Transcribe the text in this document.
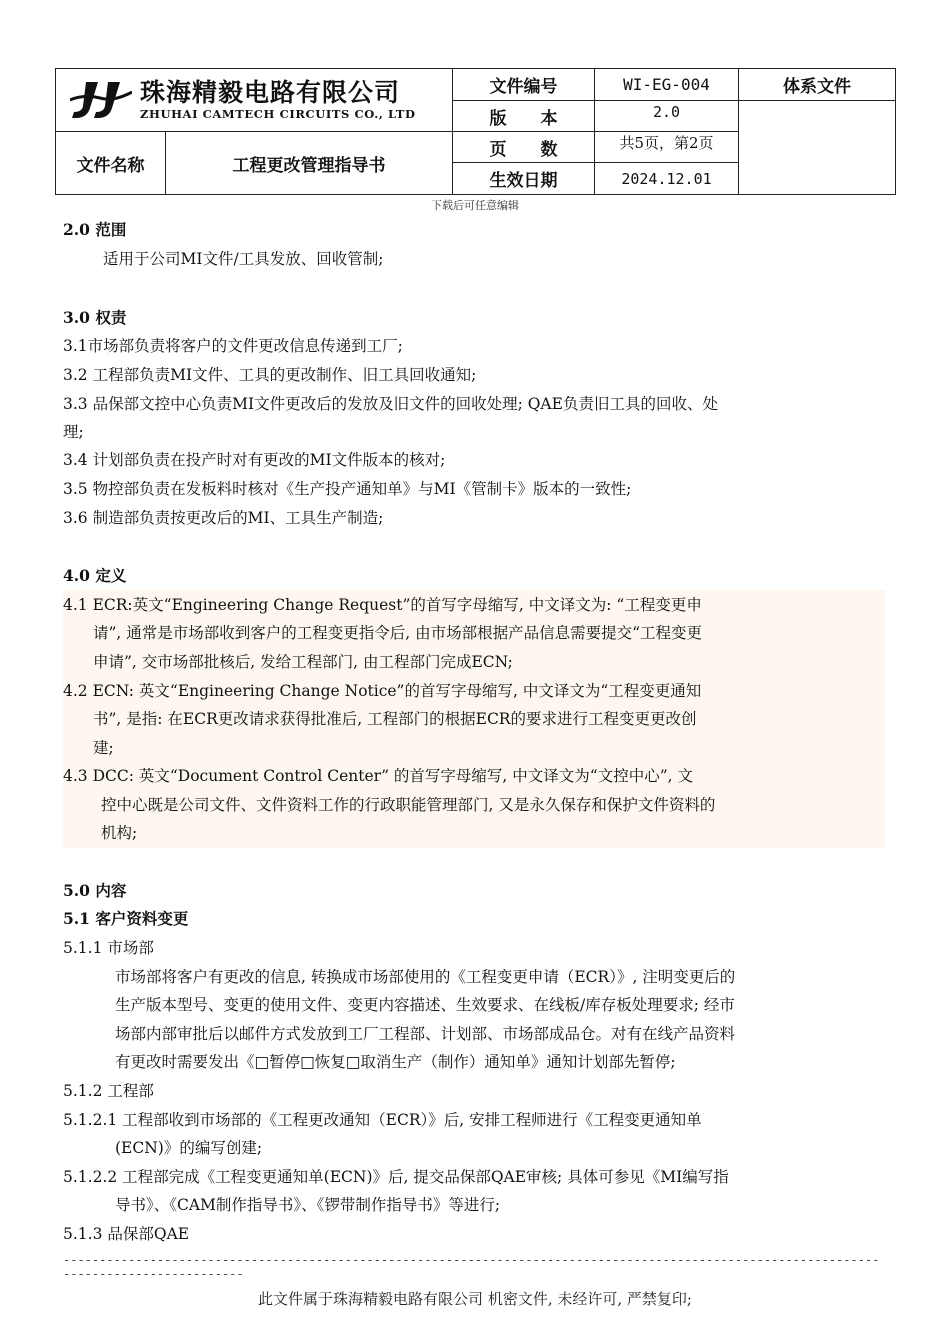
珠海精毅电路有限公司
ZHUHAI CAMTECH CIRCUITS CO., LTD
文件编号	WI-EG-004	体系文件
版　　本	2.0
文件名称	工程更改管理指导书
页　　数	共5页，第2页
生效日期	2024.12.01
下载后可任意编辑
2.0 范围
适用于公司MI文件/工具发放、回收管制;
3.0 权责
3.1市场部负责将客户的文件更改信息传递到工厂;
3.2 工程部负责MI文件、工具的更改制作、旧工具回收通知;
3.3 品保部文控中心负责MI文件更改后的发放及旧文件的回收处理; QAE负责旧工具的回收、处
理;
3.4 计划部负责在投产时对有更改的MI文件版本的核对;
3.5 物控部负责在发板料时核对《生产投产通知单》与MI《管制卡》版本的一致性;
3.6 制造部负责按更改后的MI、工具生产制造;
4.0 定义
4.1 ECR:英文“Engineering Change Request”的首写字母缩写, 中文译文为: “工程变更申
请”, 通常是市场部收到客户的工程变更指令后, 由市场部根据产品信息需要提交“工程变更
申请”, 交市场部批核后, 发给工程部门, 由工程部门完成ECN;
4.2 ECN: 英文“Engineering Change Notice”的首写字母缩写, 中文译文为“工程变更通知
书”, 是指: 在ECR更改请求获得批准后, 工程部门的根据ECR的要求进行工程变更更改创
建;
4.3 DCC: 英文“Document Control Center” 的首写字母缩写, 中文译文为“文控中心”, 文
控中心既是公司文件、文件资料工作的行政职能管理部门, 又是永久保存和保护文件资料的
机构;
5.0 内容
5.1 客户资料变更
5.1.1 市场部
市场部将客户有更改的信息, 转换成市场部使用的《工程变更申请（ECR）》, 注明变更后的
生产版本型号、变更的使用文件、变更内容描述、生效要求、在线板/库存板处理要求; 经市
场部内部审批后以邮件方式发放到工厂工程部、计划部、市场部成品仓。对有在线产品资料
有更改时需要发出《□暂停□恢复□取消生产（制作）通知单》通知计划部先暂停;
5.1.2 工程部
5.1.2.1 工程部收到市场部的《工程更改通知（ECR）》后, 安排工程师进行《工程变更通知单
(ECN)》的编写创建;
5.1.2.2 工程部完成《工程变更通知单(ECN)》后, 提交品保部QAE审核; 具体可参见《MI编写指
导书》、《CAM制作指导书》、《锣带制作指导书》等进行;
5.1.3 品保部QAE
------------------------------------------------------------------------------------------------------------------------------------------
此文件属于珠海精毅电路有限公司 机密文件, 未经许可, 严禁复印;
